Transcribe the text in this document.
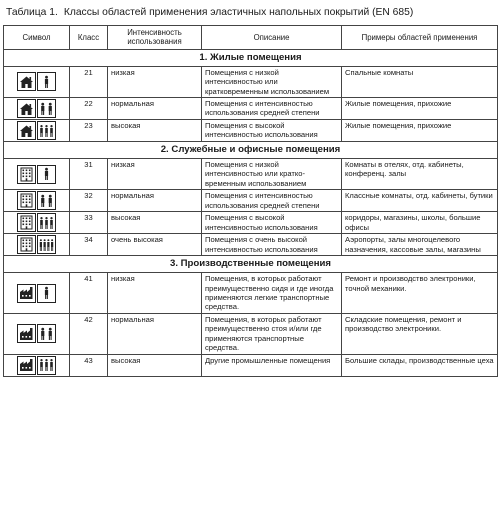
Таблица 1. Классы областей применения эластичных напольных покрытий (EN 685)
Символ	Класс	Интенсивность использования	Описание	Примеры областей применения
1. Жилые помещения				

	21	низкая	Помещения с низкой интенсивностью или кратковременным использованием	Спальные комнаты

	22	нормальная	Помещения с интенсивностью использования средней степени	Жилые помещения, прихожие

	23	высокая	Помещения с высокой интенсивностью использования	Жилые помещения, прихожие
2. Служебные и офисные помещения				

	31	низкая	Помещения с низкой интенсивностью или кратко-временным использованием	Комнаты в отелях, отд. кабинеты, конференц. залы

	32	нормальная	Помещения с интенсивностью использования средней степени	Классные комнаты, отд. кабинеты, бутики

	33	высокая	Помещения с высокой интенсивностью использования	коридоры, магазины, школы, большие офисы

	34	очень высокая	Помещения с очень высокой интенсивностью использования	Аэропорты, залы многоцелевого назначения, кассовые залы, магазины
3. Производственные помещения				

	41	низкая	Помещения, в которых работают преимущественно сидя и где иногда применяются легкие транспортные средства.	Ремонт и производство электроники, точной механики.

	42	нормальная	Помещения, в которых работают преимущественно стоя и/или где применяются транспортные средства.	Складские помещения, ремонт и производство электроники.

	43	высокая	Другие промышленные помещения	Большие склады, производственные цеха
